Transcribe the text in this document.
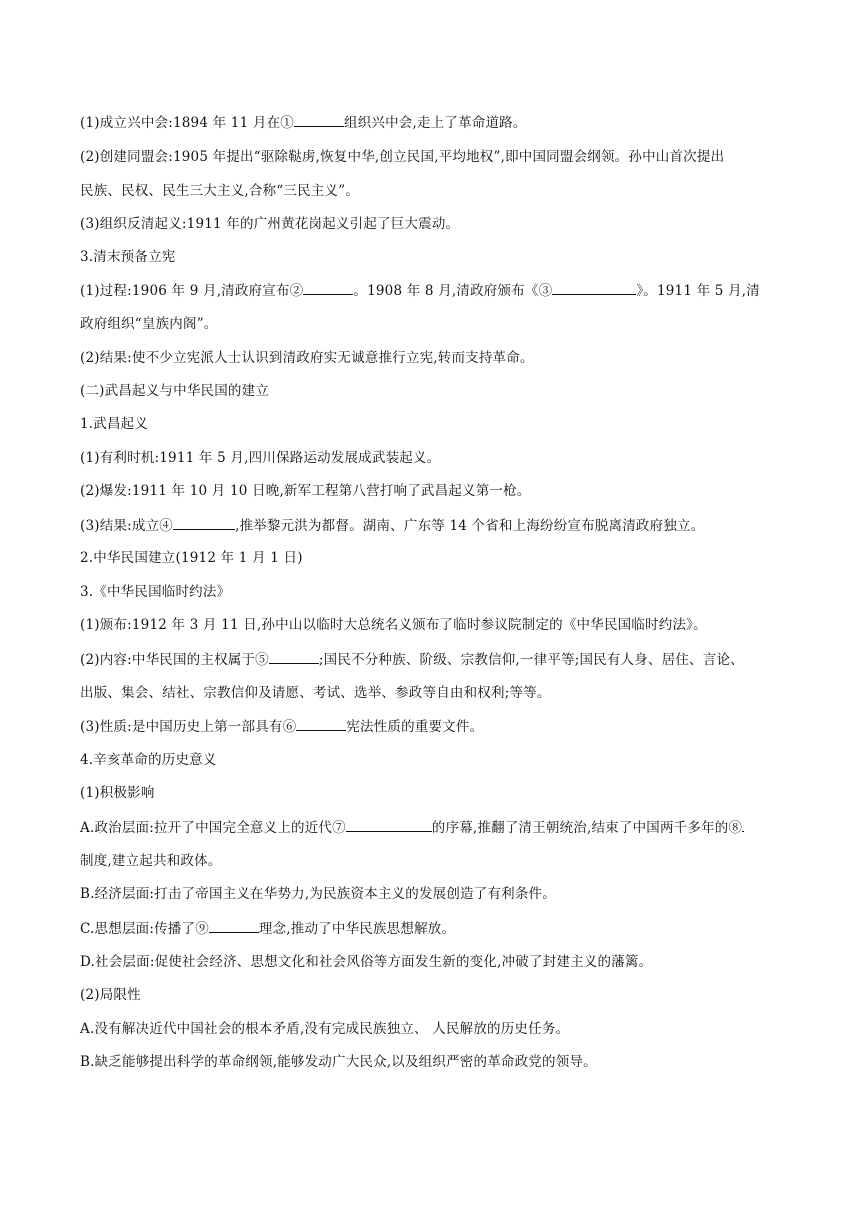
(1)成立兴中会:1894 年 11 月在①	组织兴中会,走上了革命道路。
(2)创建同盟会:1905 年提出“驱除鞑虏,恢复中华,创立民国,平均地权”,即中国同盟会纲领。孙中山首次提出
民族、民权、民生三大主义,合称“三民主义”。
(3)组织反清起义:1911 年的广州黄花岗起义引起了巨大震动。
3.清末预备立宪
(1)过程:1906 年 9 月,清政府宣布②	。1908 年 8 月,清政府颁布《③	》。1911 年 5 月,清
政府组织“皇族内阁”。
(2)结果:使不少立宪派人士认识到清政府实无诚意推行立宪,转而支持革命。
(二)武昌起义与中华民国的建立
1.武昌起义
(1)有利时机:1911 年 5 月,四川保路运动发展成武装起义。
(2)爆发:1911 年 10 月 10 日晚,新军工程第八营打响了武昌起义第一枪。
(3)结果:成立④	,推举黎元洪为都督。湖南、广东等 14 个省和上海纷纷宣布脱离清政府独立。
2.中华民国建立(1912 年 1 月 1 日)
3.《中华民国临时约法》
(1)颁布:1912 年 3 月 11 日,孙中山以临时大总统名义颁布了临时参议院制定的《中华民国临时约法》。
(2)内容:中华民国的主权属于⑤	;国民不分种族、阶级、宗教信仰,一律平等;国民有人身、居住、言论、
出版、集会、结社、宗教信仰及请愿、考试、选举、参政等自由和权利;等等。
(3)性质:是中国历史上第一部具有⑥	宪法性质的重要文件。
4.辛亥革命的历史意义
(1)积极影响
A.政治层面:拉开了中国完全意义上的近代⑦	的序幕,推翻了清王朝统治,结束了中国两千多年的⑧
制度,建立起共和政体。
B.经济层面:打击了帝国主义在华势力,为民族资本主义的发展创造了有利条件。
C.思想层面:传播了⑨	理念,推动了中华民族思想解放。
D.社会层面:促使社会经济、思想文化和社会风俗等方面发生新的变化,冲破了封建主义的藩篱。
(2)局限性
A.没有解决近代中国社会的根本矛盾,没有完成民族独立、 人民解放的历史任务。
B.缺乏能够提出科学的革命纲领,能够发动广大民众,以及组织严密的革命政党的领导。
